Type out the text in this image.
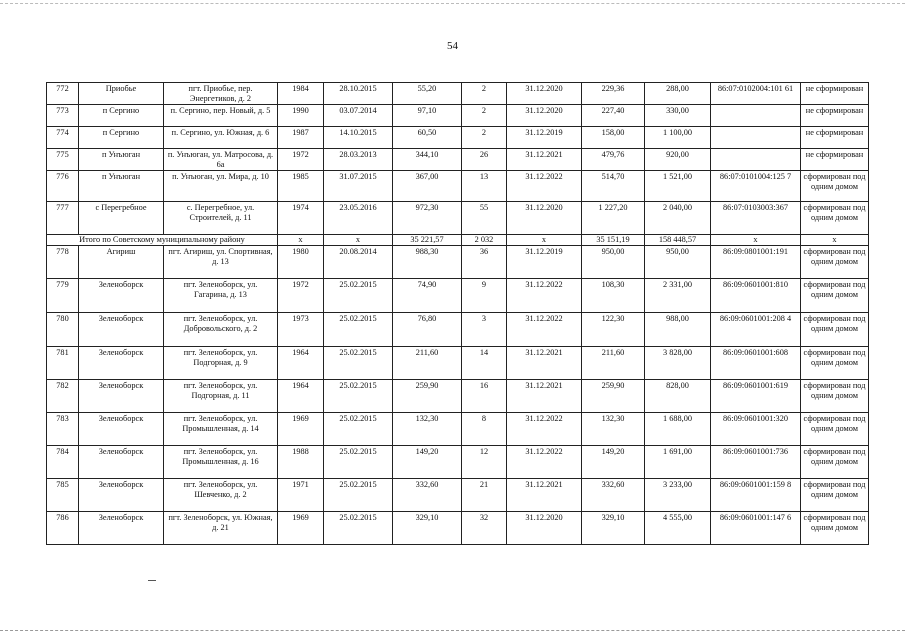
54
772	Приобье	пгт. Приобье, пер. Энергетиков, д. 2	1984	28.10.2015	55,20	2	31.12.2020	229,36	288,00	86:07:0102004:101 61	не сформирован
773	п Сергино	п. Сергино, пер. Новый, д. 5	1990	03.07.2014	97,10	2	31.12.2020	227,40	330,00		не сформирован
774	п Сергино	п. Сергино, ул. Южная, д. 6	1987	14.10.2015	60,50	2	31.12.2019	158,00	1 100,00		не сформирован
775	п Унъюган	п. Унъюган, ул. Матросова, д. 6а	1972	28.03.2013	344,10	26	31.12.2021	479,76	920,00		не сформирован
776	п Унъюган	п. Унъюган, ул. Мира, д. 10	1985	31.07.2015	367,00	13	31.12.2022	514,70	1 521,00	86:07:0101004:125 7	сформирован под одним домом
777	с Перегребное	с. Перегребное, ул. Строителей, д. 11	1974	23.05.2016	972,30	55	31.12.2020	1 227,20	2 040,00	86:07:0103003:367	сформирован под одним домом
Итого по Советскому муниципальному району			х	х	35 221,57	2 032	х	35 151,19	158 448,57	х	х
778	Агириш	пгт. Агириш, ул. Спортивная, д. 13	1980	20.08.2014	988,30	36	31.12.2019	950,00	950,00	86:09:0801001:191	сформирован под одним домом
779	Зеленоборск	пгт. Зеленоборск, ул. Гагарина, д. 13	1972	25.02.2015	74,90	9	31.12.2022	108,30	2 331,00	86:09:0601001:810	сформирован под одним домом
780	Зеленоборск	пгт. Зеленоборск, ул. Добровольского, д. 2	1973	25.02.2015	76,80	3	31.12.2022	122,30	988,00	86:09:0601001:208 4	сформирован под одним домом
781	Зеленоборск	пгт. Зеленоборск, ул. Подгорная, д. 9	1964	25.02.2015	211,60	14	31.12.2021	211,60	3 828,00	86:09:0601001:608	сформирован под одним домом
782	Зеленоборск	пгт. Зеленоборск, ул. Подгорная, д. 11	1964	25.02.2015	259,90	16	31.12.2021	259,90	828,00	86:09:0601001:619	сформирован под одним домом
783	Зеленоборск	пгт. Зеленоборск, ул. Промышленная, д. 14	1969	25.02.2015	132,30	8	31.12.2022	132,30	1 688,00	86:09:0601001:320	сформирован под одним домом
784	Зеленоборск	пгт. Зеленоборск, ул. Промышленная, д. 16	1988	25.02.2015	149,20	12	31.12.2022	149,20	1 691,00	86:09:0601001:736	сформирован под одним домом
785	Зеленоборск	пгт. Зеленоборск, ул. Шевченко, д. 2	1971	25.02.2015	332,60	21	31.12.2021	332,60	3 233,00	86:09:0601001:159 8	сформирован под одним домом
786	Зеленоборск	пгт. Зеленоборск, ул. Южная, д. 21	1969	25.02.2015	329,10	32	31.12.2020	329,10	4 555,00	86:09:0601001:147 6	сформирован под одним домом
